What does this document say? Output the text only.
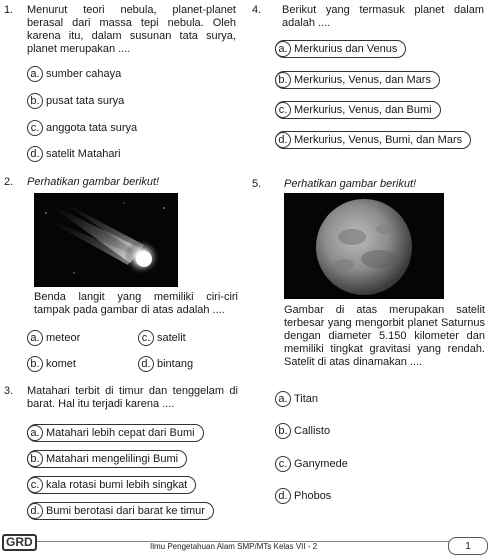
1. Menurut teori nebula, planet-planet berasal dari massa tepi nebula. Oleh karena itu, dalam susunan tata surya, planet merupakan ....
a. sumber cahaya
b. pusat tata surya
c. anggota tata surya
d. satelit Matahari
2. Perhatikan gambar berikut!
Benda langit yang memiliki ciri-ciri tampak pada gambar di atas adalah ....
a. meteor	c. satelit
b. komet	d. bintang
3. Matahari terbit di timur dan tenggelam di barat. Hal itu terjadi karena ....
a. Matahari lebih cepat dari Bumi
b. Matahari mengelilingi Bumi
c. kala rotasi bumi lebih singkat
d. Bumi berotasi dari barat ke timur
4. Berikut yang termasuk planet dalam adalah ....
a. Merkurius dan Venus
b. Merkurius, Venus, dan Mars
c. Merkurius, Venus, dan Bumi
d. Merkurius, Venus, Bumi, dan Mars
5. Perhatikan gambar berikut!
Gambar di atas merupakan satelit terbesar yang mengorbit planet Saturnus dengan diameter 5.150 kilometer dan memiliki tingkat gravitasi yang rendah. Satelit di atas dinamakan ....
a. Titan
b. Callisto
c. Ganymede
d. Phobos
GRD	Ilmu Pengetahuan Alam SMP/MTs Kelas VII - 2	1
